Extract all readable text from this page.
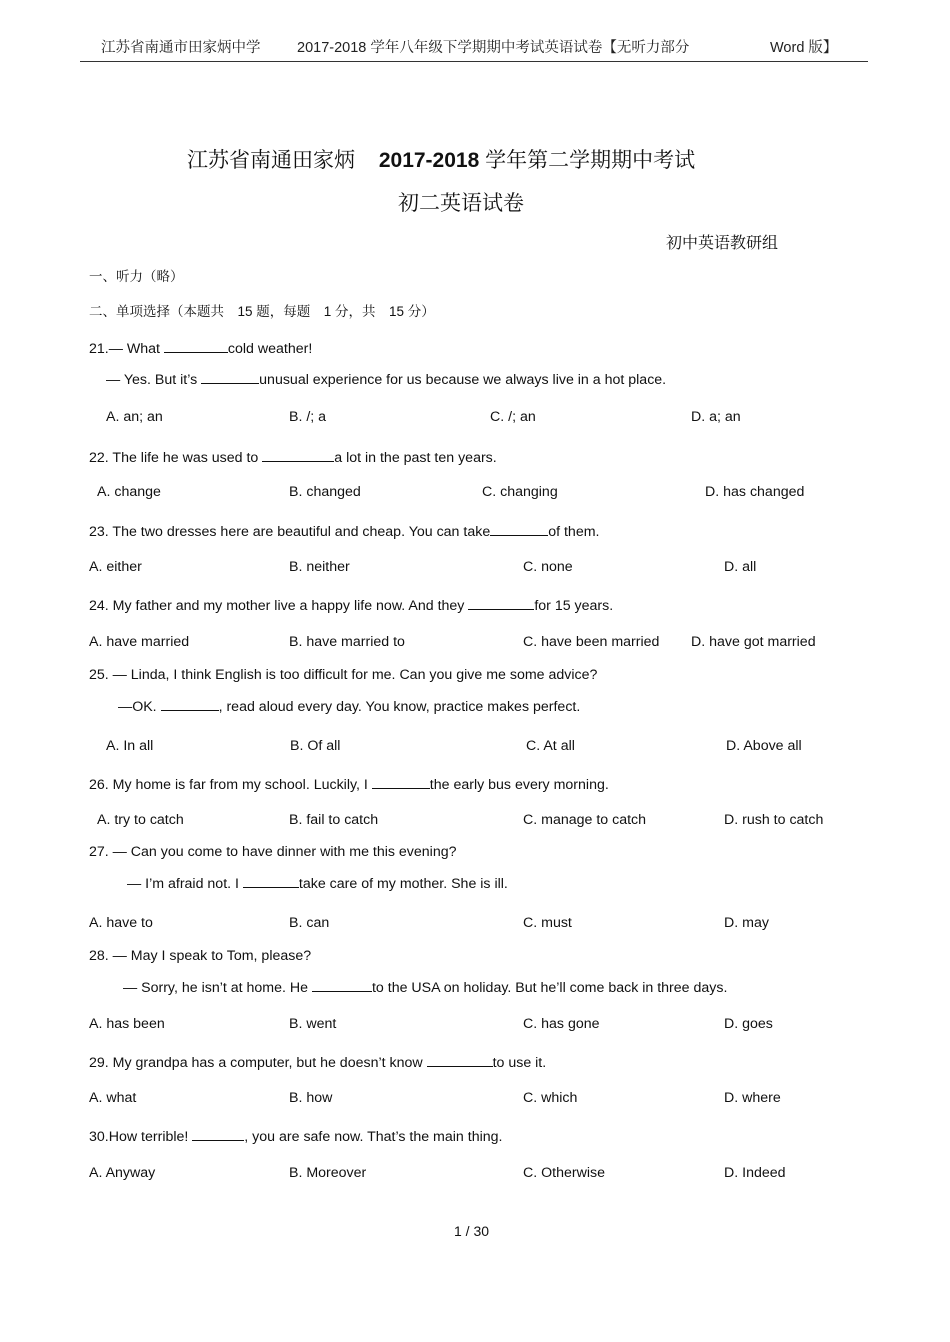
江苏省南通市田家炳中学	2017-2018 学年八年级下学期期中考试英语试卷【无听力部分	Word 版】
江苏省南通田家炳 2017-2018 学年第二学期期中考试
初二英语试卷
初中英语教研组
一、听力（略）
二、单项选择（本题共　15 题，每题　1 分，共　15 分）
21.― What	cold weather!
― Yes. But it’s	unusual experience for us because we always live in a hot place.
A. an; an	B. /; a	C. /; an	D. a; an
22. The life he was used to	a lot in the past ten years.
A. change	B. changed	C. changing	D. has changed
23. The two dresses here are beautiful and cheap. You can take	of them.
A. either	B. neither	C. none	D. all
24. My father and my mother live a happy life now. And they	for 15 years.
A. have married	B. have married to	C. have been married D. have got married
25. ― Linda, I think English is too difficult for me. Can you give me some advice?
―OK.	, read aloud every day. You know, practice makes perfect.
A. In all	B. Of all	C. At all	D. Above all
26. My home is far from my school. Luckily, I	the early bus every morning.
A. try to catch	B. fail to catch	C. manage to catch	D. rush to catch
27. ― Can you come to have dinner with me this evening?
― I’m afraid not. I	take care of my mother. She is ill.
A. have to	B. can	C. must	D. may
28. ― May I speak to Tom, please?
― Sorry, he isn’t at home. He	to the USA on holiday. But he’ll come back in three days.
A. has been	B. went	C. has gone	D. goes
29. My grandpa has a computer, but he doesn’t know	to use it.
A. what	B. how	C. which	D. where
30.How terrible!	, you are safe now. That’s the main thing.
A. Anyway	B. Moreover	C. Otherwise	D. Indeed
1 / 30
